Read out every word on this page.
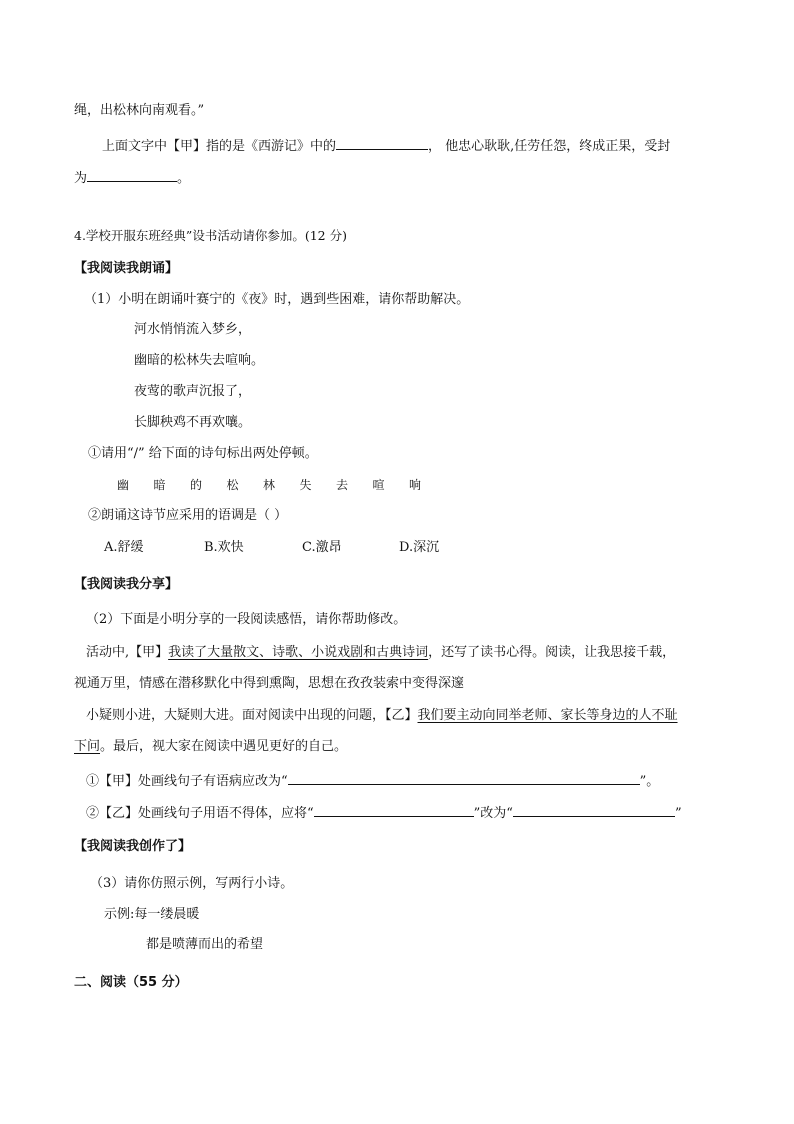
绳，出松林向南观看。”
上面文字中【甲】指的是《西游记》中的	， 他忠心耿耿,任劳任怨，终成正果，受封
为	。
4.学校开服东班经典”设书活动请你参加。(12 分)
【我阅读我朗诵】
（1）小明在朗诵叶赛宁的《夜》时，遇到些困难，请你帮助解决。
河水悄悄流入梦乡，
幽暗的松林失去喧响。
夜莺的歌声沉报了，
长脚秧鸡不再欢嚷。
①请用“/” 给下面的诗句标出两处停顿。
幽 暗 的 松 林 失 去 喧 响
②朗诵这诗节应采用的语调是（ ）
A.舒缓	B.欢快	C.激昂	D.深沉
【我阅读我分享】
（2）下面是小明分享的一段阅读感悟，请你帮助修改。
活动中,【甲】我读了大量散文、诗歌、小说戏剧和古典诗词，还写了读书心得。阅读，让我思接千载，
视通万里，情感在潜移默化中得到熏陶，思想在孜孜装索中变得深邃
小疑则小进，大疑则大进。面对阅读中出现的问题，【乙】我们要主动向同举老师、家长等身边的人不耻
下问。最后，视大家在阅读中遇见更好的自己。
①【甲】处画线句子有语病应改为“	”。
②【乙】处画线句子用语不得体，应将“	”改为“	”
【我阅读我创作了】
（3）请你仿照示例，写两行小诗。
示例:每一缕晨暖
都是喷薄而出的希望
二、阅读（55 分）
